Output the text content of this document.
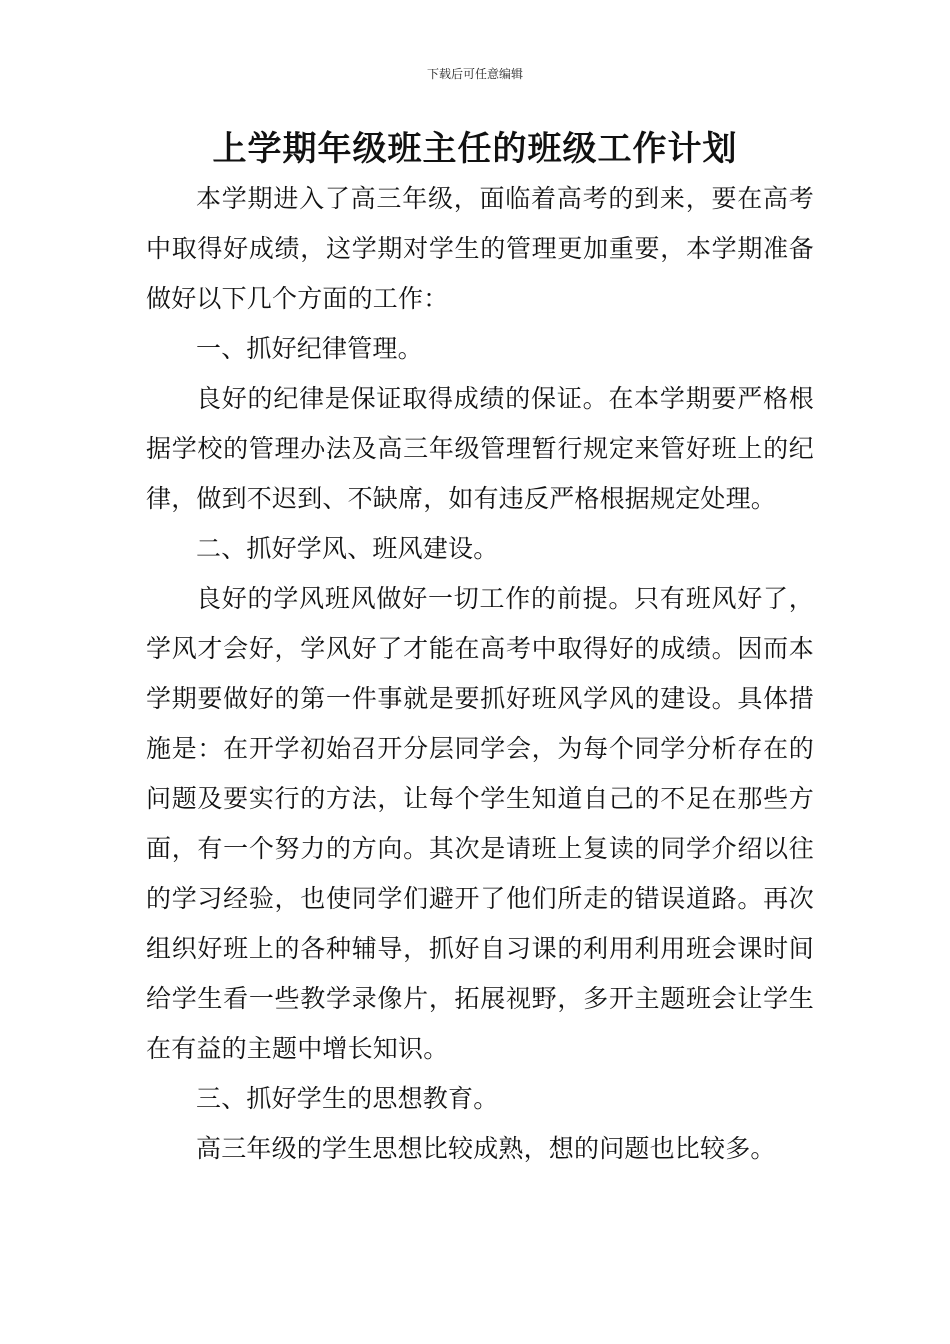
下载后可任意编辑
上学期年级班主任的班级工作计划

本学期进入了高三年级，面临着高考的到来，要在高考中取得好成绩，这学期对学生的管理更加重要，本学期准备做好以下几个方面的工作：

一、抓好纪律管理。

良好的纪律是保证取得成绩的保证。在本学期要严格根据学校的管理办法及高三年级管理暂行规定来管好班上的纪律，做到不迟到、不缺席，如有违反严格根据规定处理。

二、抓好学风、班风建设。

良好的学风班风做好一切工作的前提。只有班风好了，学风才会好，学风好了才能在高考中取得好的成绩。因而本学期要做好的第一件事就是要抓好班风学风的建设。具体措施是：在开学初始召开分层同学会，为每个同学分析存在的问题及要实行的方法，让每个学生知道自己的不足在那些方面，有一个努力的方向。其次是请班上复读的同学介绍以往的学习经验，也使同学们避开了他们所走的错误道路。再次组织好班上的各种辅导，抓好自习课的利用利用班会课时间给学生看一些教学录像片，拓展视野，多开主题班会让学生在有益的主题中增长知识。

三、抓好学生的思想教育。

高三年级的学生思想比较成熟，想的问题也比较多。
